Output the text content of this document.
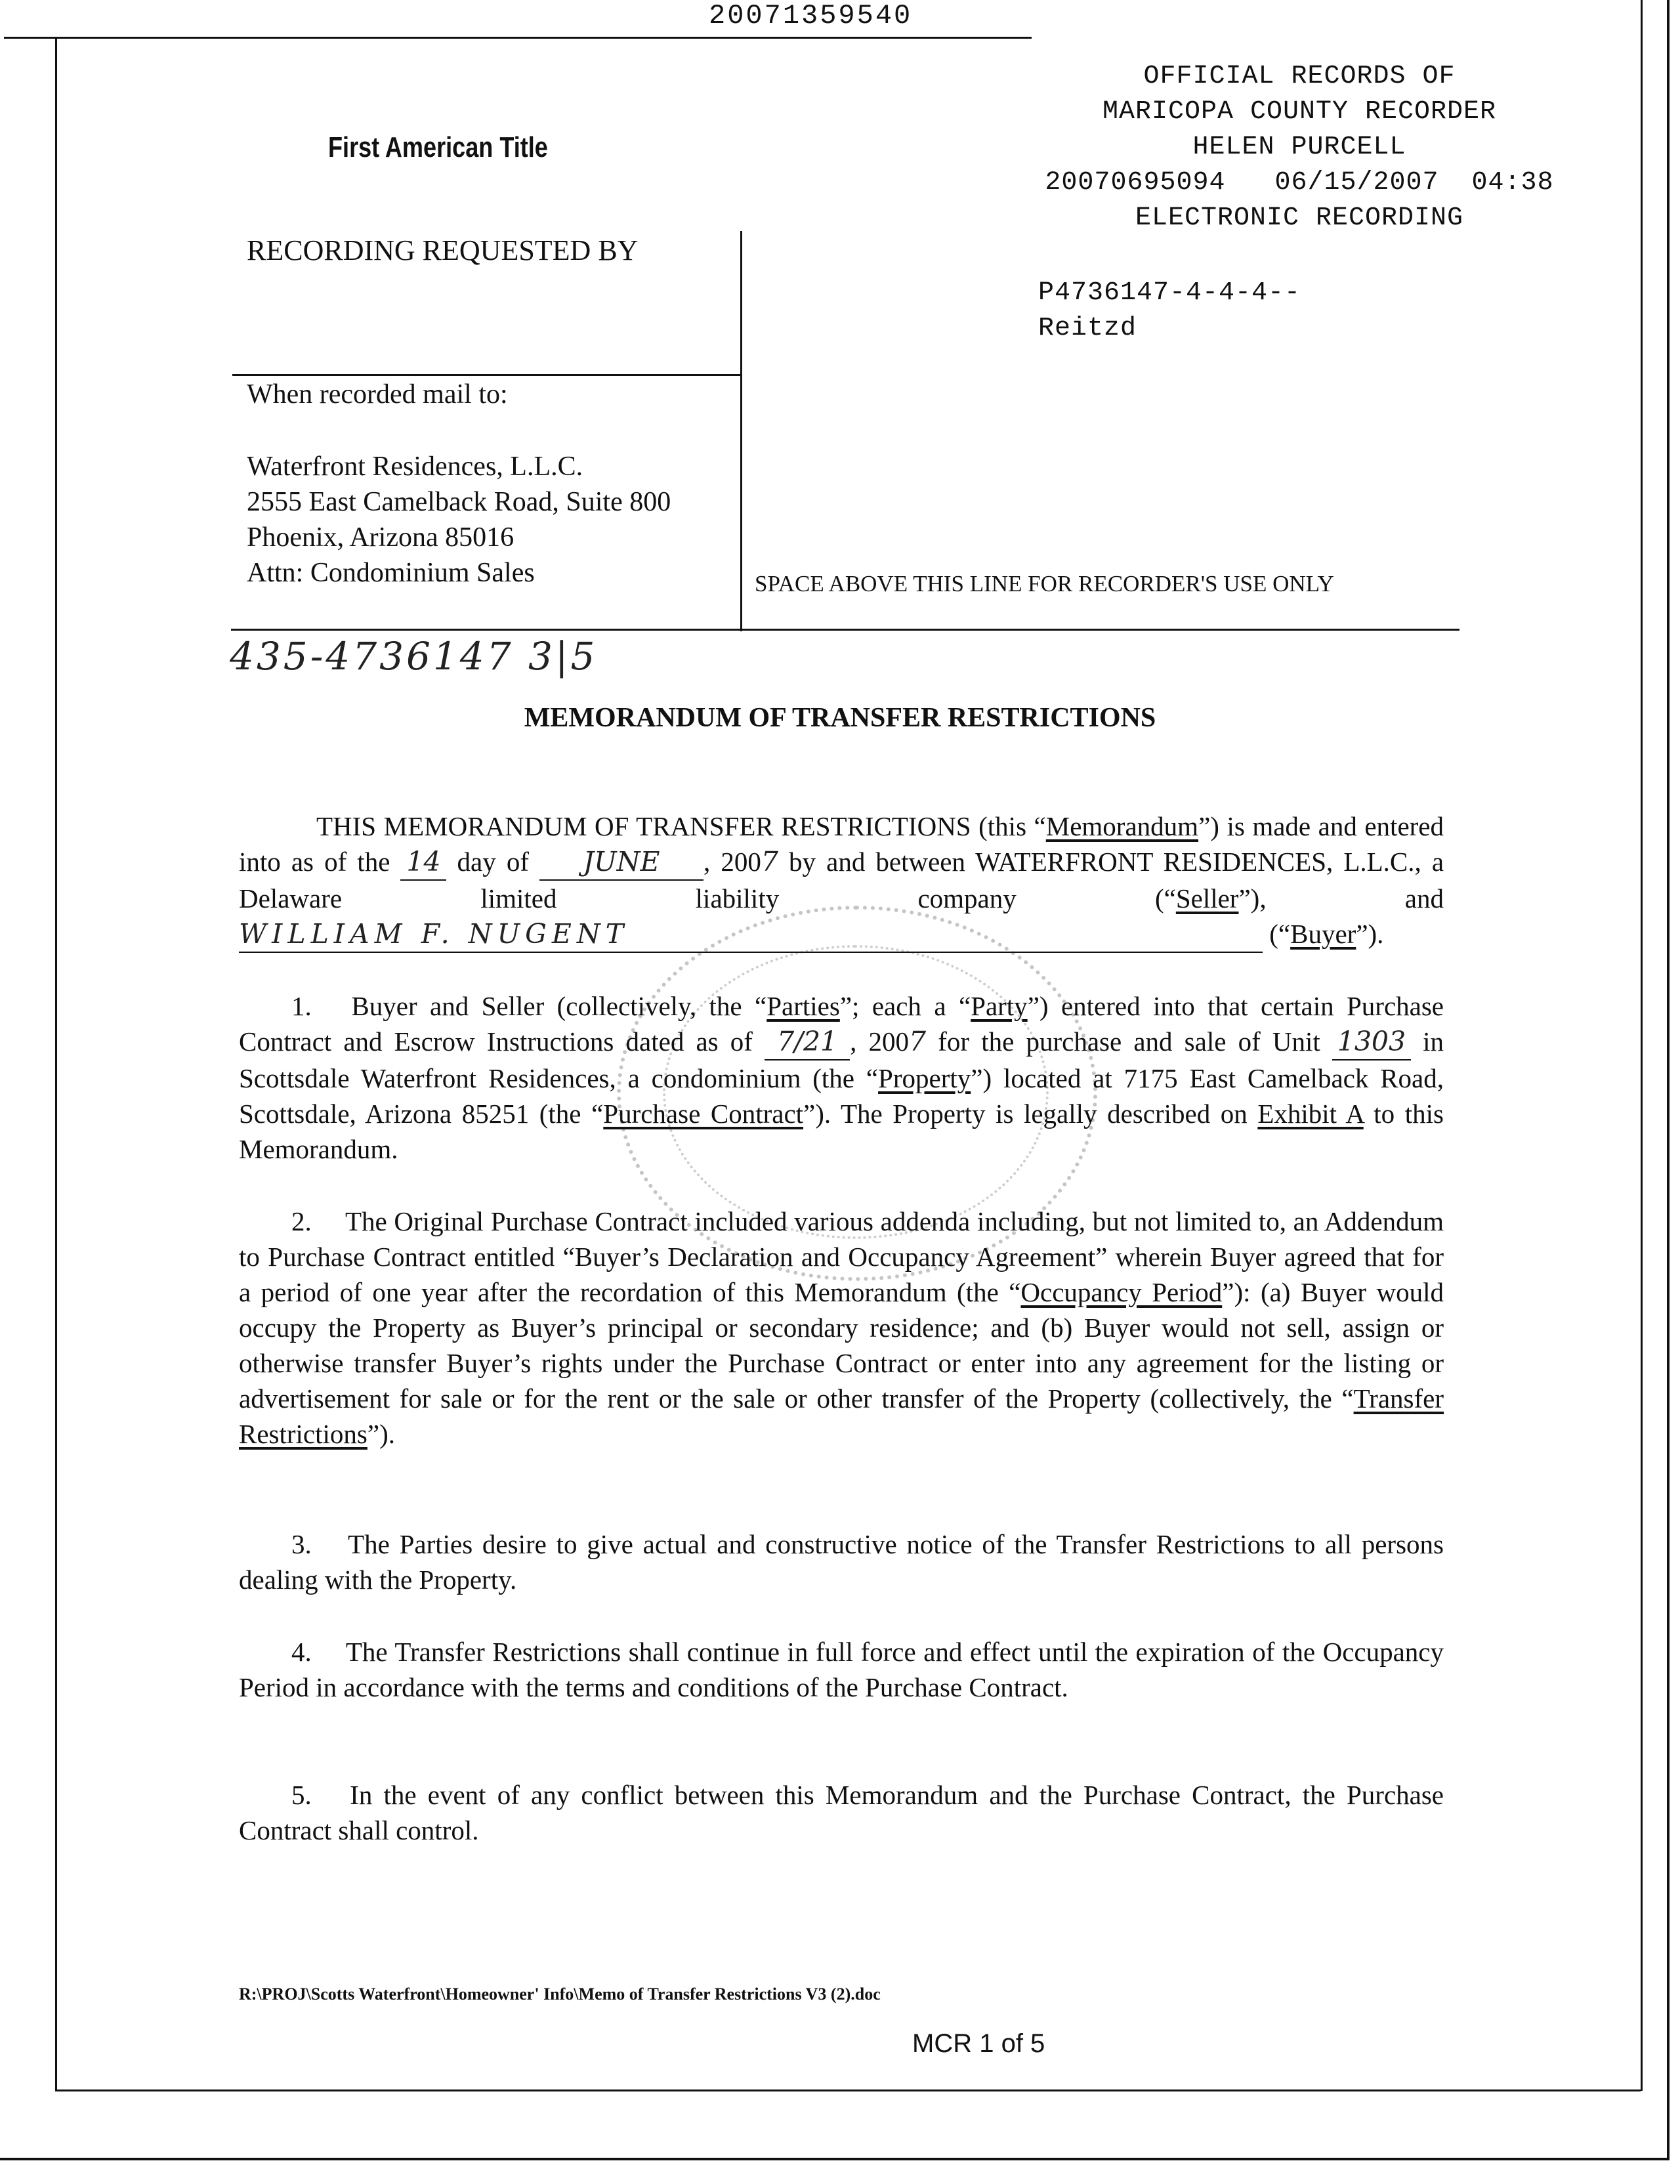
20071359540
First American Title
OFFICIAL RECORDS OF
MARICOPA COUNTY RECORDER
HELEN PURCELL
20070695094 06/15/2007 04:38
ELECTRONIC RECORDING
P4736147-4-4-4--
Reitzd
RECORDING REQUESTED BY
When recorded mail to:
Waterfront Residences, L.L.C.
2555 East Camelback Road, Suite 800
Phoenix, Arizona 85016
Attn: Condominium Sales	SPACE ABOVE THIS LINE FOR RECORDER'S USE ONLY
435-4736147 3|5
MEMORANDUM OF TRANSFER RESTRICTIONS

THIS MEMORANDUM OF TRANSFER RESTRICTIONS (this “Memorandum”) is made and entered into as of the 14 day of JUNE , 2007 by and between WATERFRONT RESIDENCES, L.L.C., a Delaware limited liability company (“Seller”), and WILLIAM F. NUGENT	(“Buyer”).

1. Buyer and Seller (collectively, the “Parties”; each a “Party”) entered into that certain Purchase Contract and Escrow Instructions dated as of 7/21 , 2007 for the purchase and sale of Unit 1303 in Scottsdale Waterfront Residences, a condominium (the “Property”) located at 7175 East Camelback Road, Scottsdale, Arizona 85251 (the “Purchase Contract”). The Property is legally described on Exhibit A to this Memorandum.

2. The Original Purchase Contract included various addenda including, but not limited to, an Addendum to Purchase Contract entitled “Buyer’s Declaration and Occupancy Agreement” wherein Buyer agreed that for a period of one year after the recordation of this Memorandum (the “Occupancy Period”): (a) Buyer would occupy the Property as Buyer’s principal or secondary residence; and (b) Buyer would not sell, assign or otherwise transfer Buyer’s rights under the Purchase Contract or enter into any agreement for the listing or advertisement for sale or for the rent or the sale or other transfer of the Property (collectively, the “Transfer Restrictions”).

3. The Parties desire to give actual and constructive notice of the Transfer Restrictions to all persons dealing with the Property.

4. The Transfer Restrictions shall continue in full force and effect until the expiration of the Occupancy Period in accordance with the terms and conditions of the Purchase Contract.

5. In the event of any conflict between this Memorandum and the Purchase Contract, the Purchase Contract shall control.

R:\PROJ\Scotts Waterfront\Homeowner' Info\Memo of Transfer Restrictions V3 (2).doc
MCR 1 of 5
